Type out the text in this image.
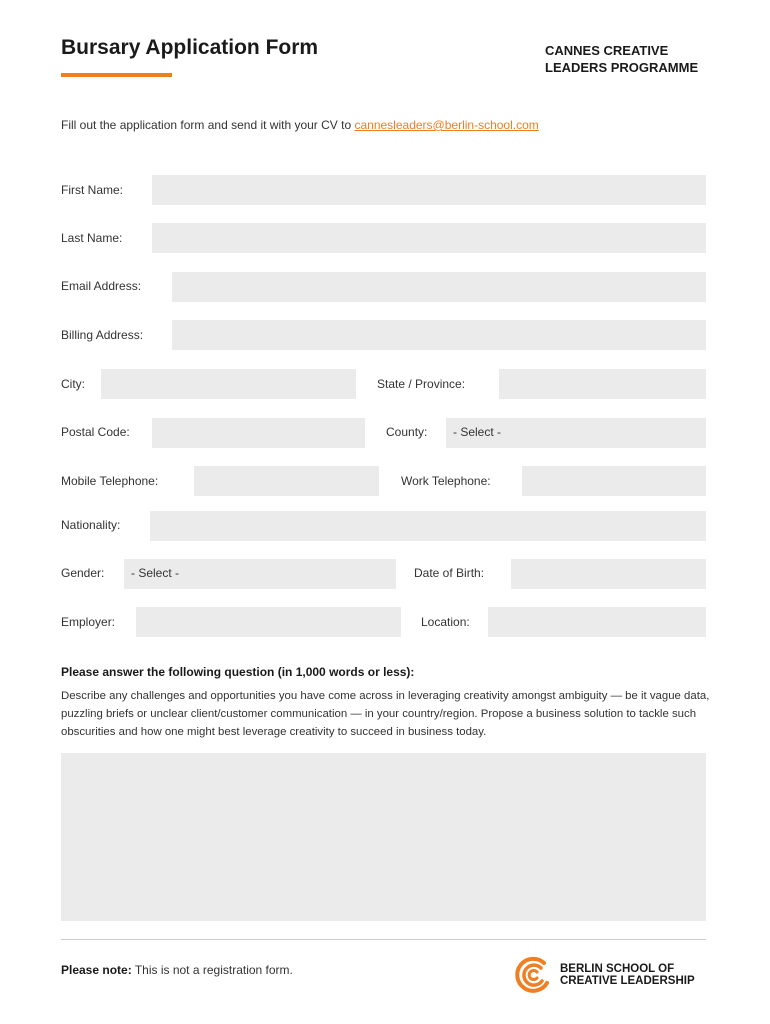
Bursary Application Form	CANNES CREATIVE
LEADERS PROGRAMME
Fill out the application form and send it with your CV to cannesleaders@berlin-school.com
First Name:
Last Name:
Email Address:
Billing Address:
City:	State / Province:
Postal Code:	County:	- Select -
Mobile Telephone:	Work Telephone:
Nationality:
Gender:	- Select -	Date of Birth:
Employer:	Location:
Please answer the following question (in 1,000 words or less):
Describe any challenges and opportunities you have come across in leveraging creativity amongst ambiguity — be it vague data, puzzling briefs or unclear client/customer communication — in your country/region. Propose a business solution to tackle such obscurities and how one might best leverage creativity to succeed in business today.
Please note: This is not a registration form.	BERLIN SCHOOL OF
CREATIVE LEADERSHIP
